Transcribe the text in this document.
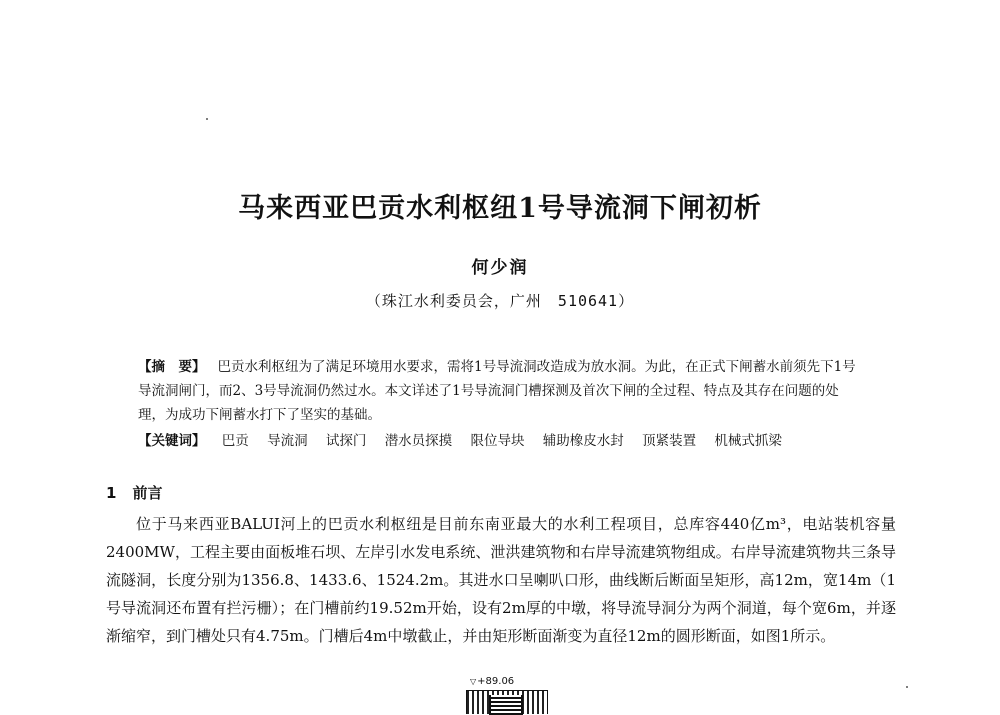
马来西亚巴贡水利枢纽1号导流洞下闸初析
何少润
（珠江水利委员会，广州　510641）

【摘　要】 巴贡水利枢纽为了满足环境用水要求，需将1号导流洞改造成为放水洞。为此，在正式下闸蓄水前须先下1号导流洞闸门，而2、3号导流洞仍然过水。本文详述了1号导流洞门槽探测及首次下闸的全过程、特点及其存在问题的处理，为成功下闸蓄水打下了坚实的基础。

【关键词】 巴贡 导流洞 试探门 潜水员探摸 限位导块 辅助橡皮水封 顶紧装置 机械式抓梁

1 前言

位于马来西亚BALUI河上的巴贡水利枢纽是目前东南亚最大的水利工程项目，总库容440亿m³，电站装机容量2400MW，工程主要由面板堆石坝、左岸引水发电系统、泄洪建筑物和右岸导流建筑物组成。右岸导流建筑物共三条导流隧洞，长度分别为1356.8、1433.6、1524.2m。其进水口呈喇叭口形，曲线断后断面呈矩形，高12m，宽14m（1号导流洞还布置有拦污栅）；在门槽前约19.52m开始，设有2m厚的中墩，将导流导洞分为两个洞道，每个宽6m，并逐渐缩窄，到门槽处只有4.75m。门槽后4m中墩截止，并由矩形断面渐变为直径12m的圆形断面，如图1所示。

▽+89.06
